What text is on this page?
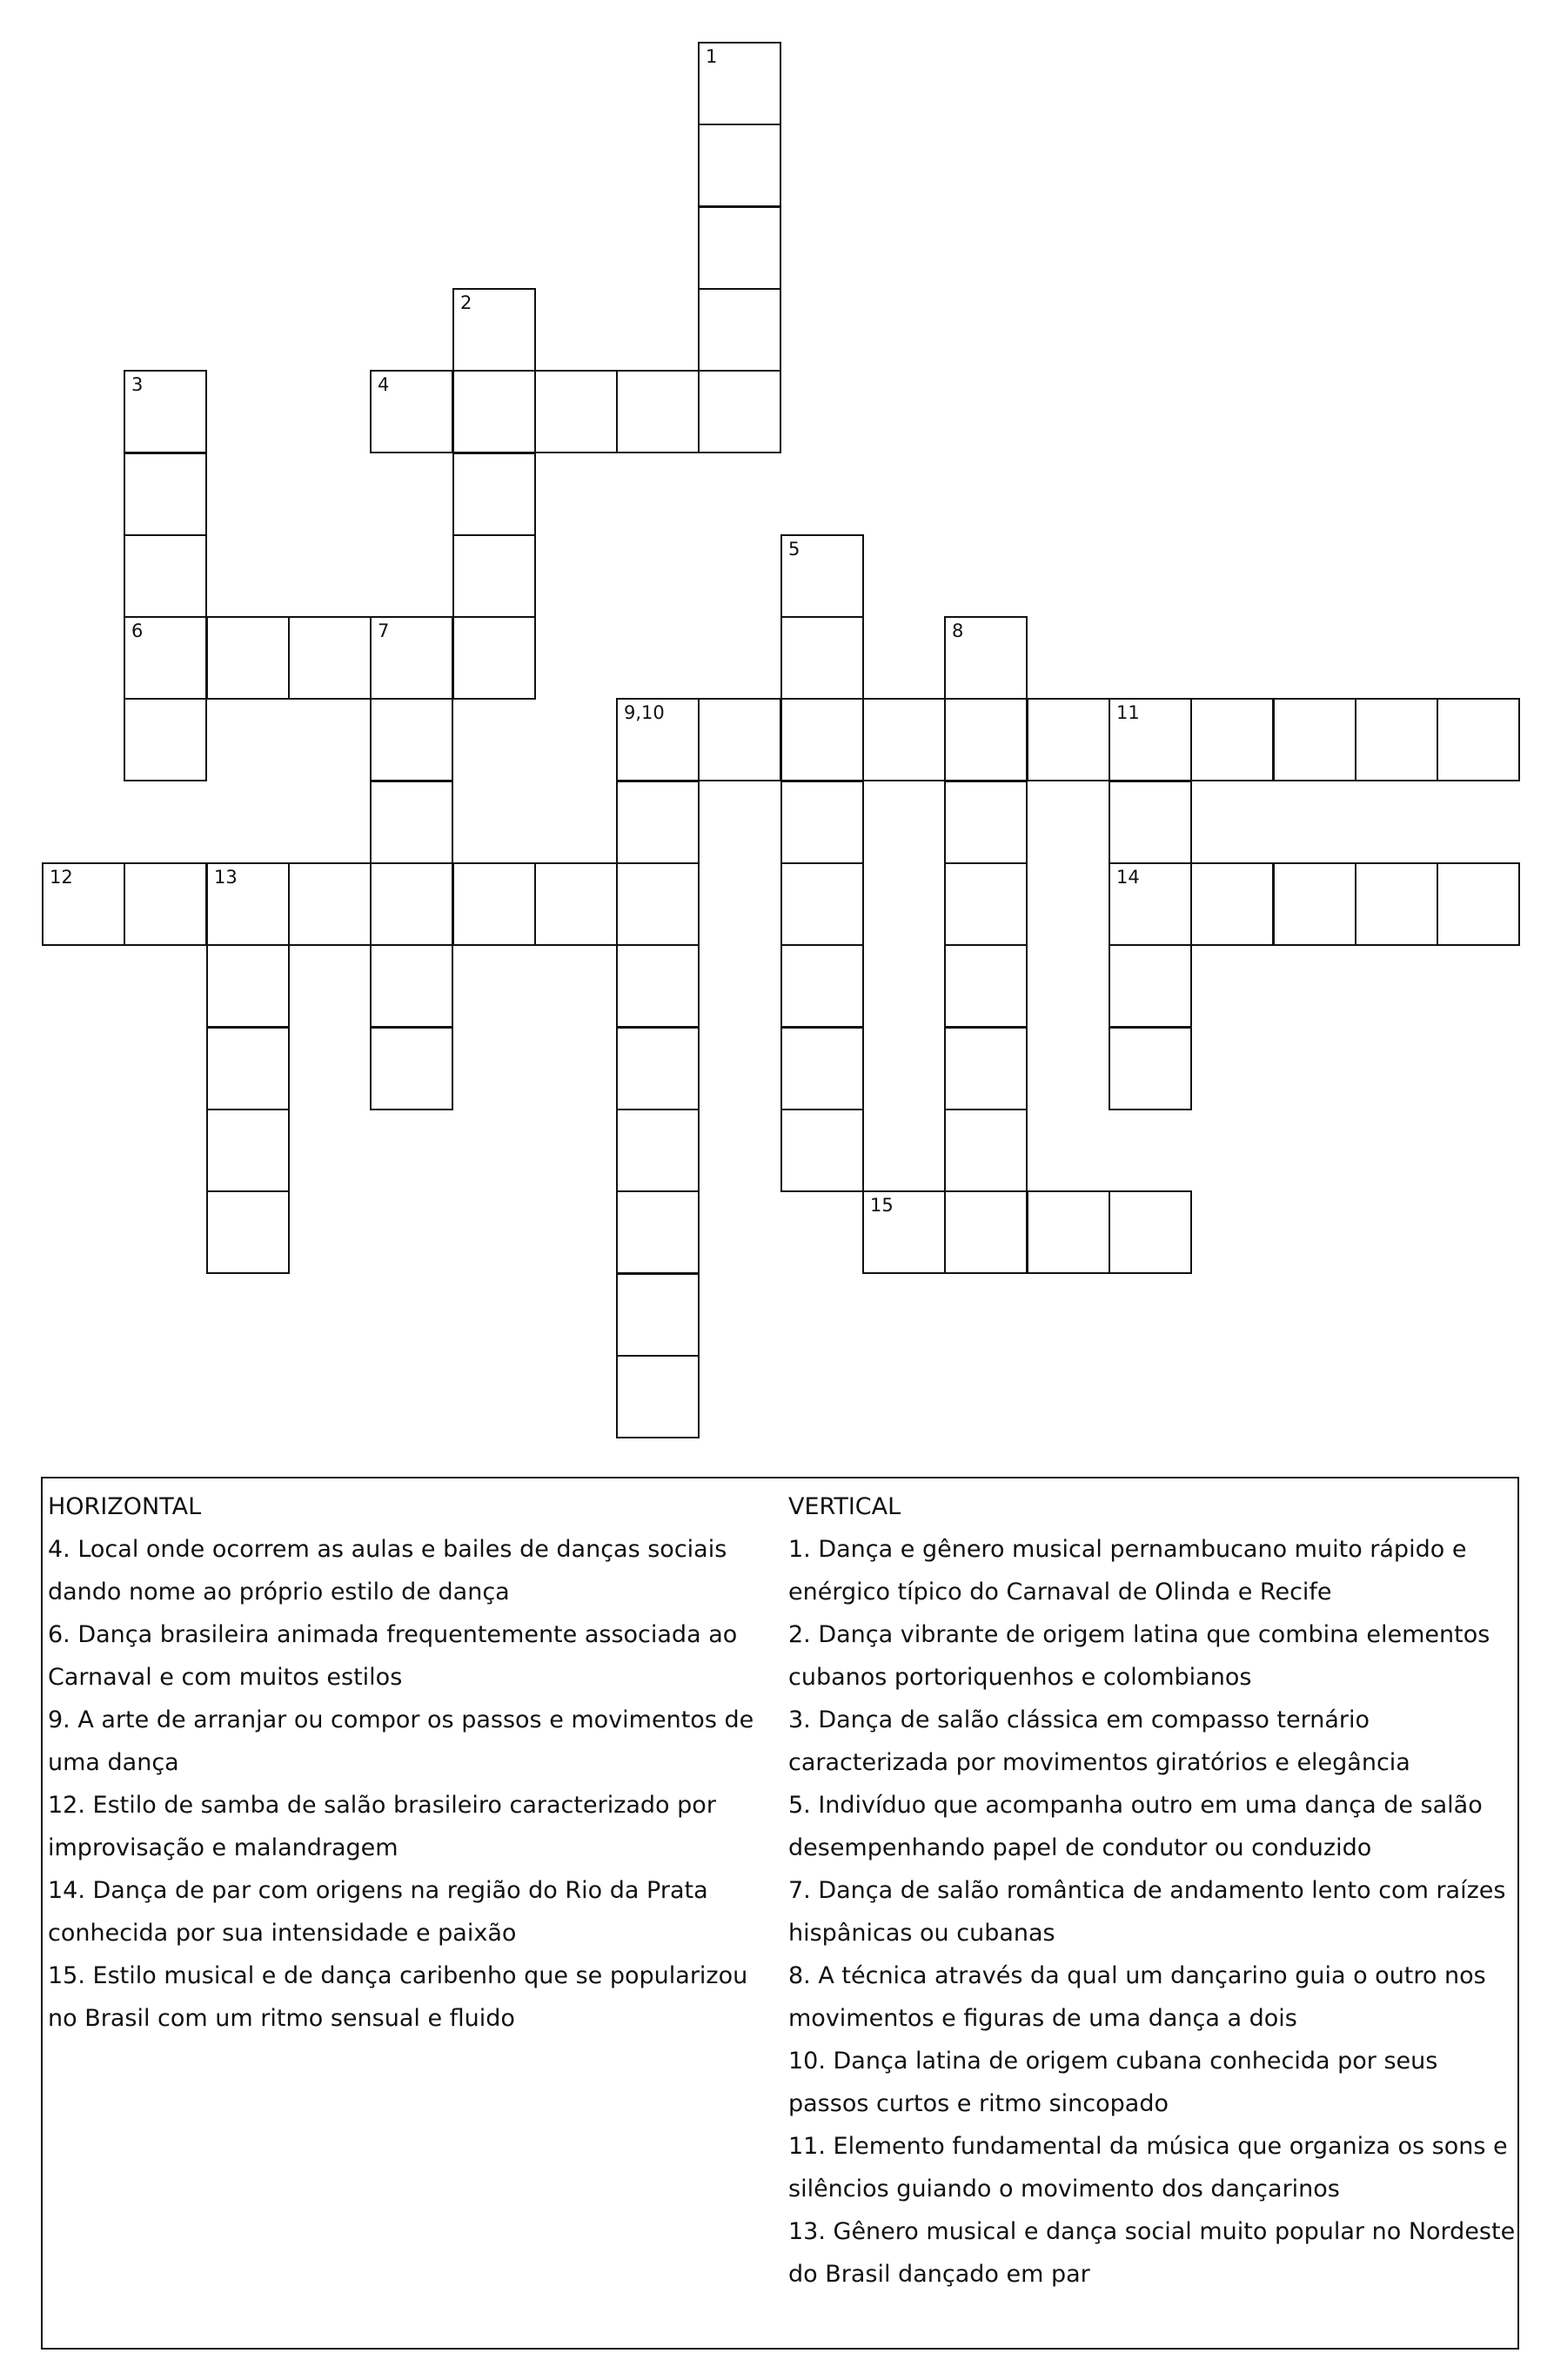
1
2
4
3
6	7
5
8
9,10	11
14
12	13
15
HORIZONTAL
4. Local onde ocorrem as aulas e bailes de danças sociais dando nome ao próprio estilo de dança
6. Dança brasileira animada frequentemente associada ao Carnaval e com muitos estilos
9. A arte de arranjar ou compor os passos e movimentos de uma dança
12. Estilo de samba de salão brasileiro caracterizado por improvisação e malandragem
14. Dança de par com origens na região do Rio da Prata conhecida por sua intensidade e paixão
15. Estilo musical e de dança caribenho que se popularizou no Brasil com um ritmo sensual e fluido
VERTICAL
1. Dança e gênero musical pernambucano muito rápido e enérgico típico do Carnaval de Olinda e Recife
2. Dança vibrante de origem latina que combina elementos cubanos portoriquenhos e colombianos
3. Dança de salão clássica em compasso ternário caracterizada por movimentos giratórios e elegância
5. Indivíduo que acompanha outro em uma dança de salão desempenhando papel de condutor ou conduzido
7. Dança de salão romântica de andamento lento com raízes hispânicas ou cubanas
8. A técnica através da qual um dançarino guia o outro nos movimentos e figuras de uma dança a dois
10. Dança latina de origem cubana conhecida por seus passos curtos e ritmo sincopado
11. Elemento fundamental da música que organiza os sons e silêncios guiando o movimento dos dançarinos
13. Gênero musical e dança social muito popular no Nordeste do Brasil dançado em par
